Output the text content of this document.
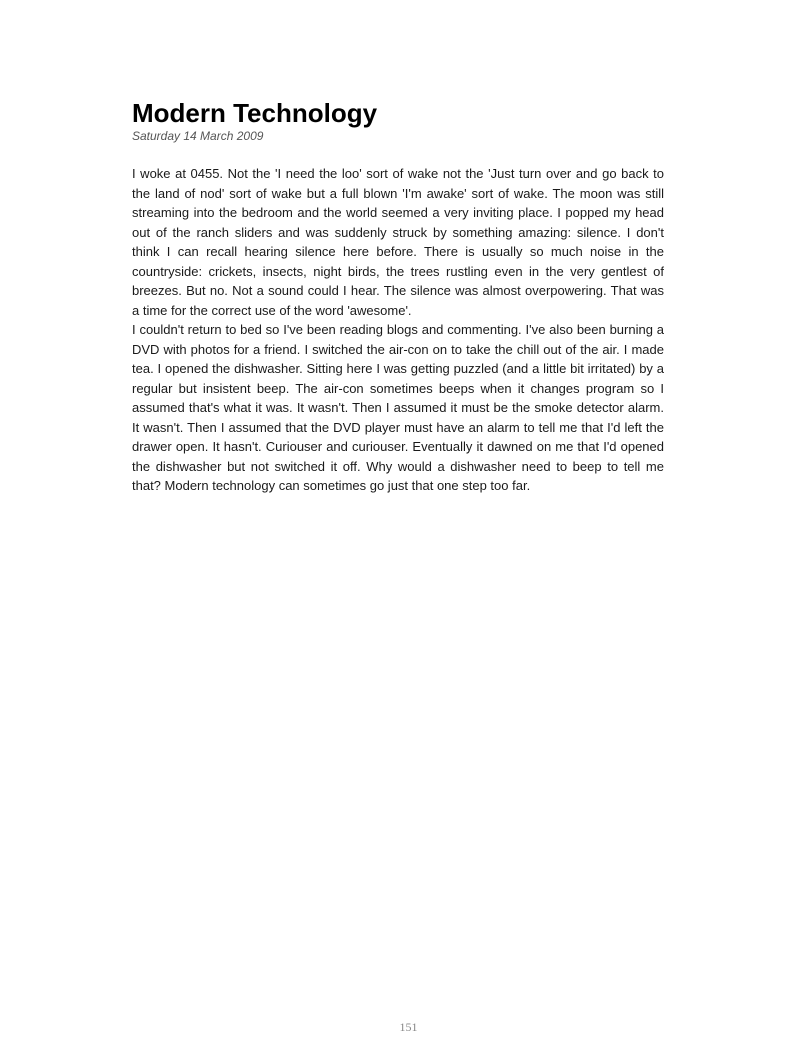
Modern Technology
Saturday 14 March 2009

I woke at 0455. Not the 'I need the loo' sort of wake not the 'Just turn over and go back to the land of nod' sort of wake but a full blown 'I'm awake' sort of wake. The moon was still streaming into the bedroom and the world seemed a very inviting place. I popped my head out of the ranch sliders and was suddenly struck by something amazing: silence. I don't think I can recall hearing silence here before. There is usually so much noise in the countryside: crickets, insects, night birds, the trees rustling even in the very gentlest of breezes. But no. Not a sound could I hear. The silence was almost overpowering. That was a time for the correct use of the word 'awesome'.

I couldn't return to bed so I've been reading blogs and commenting. I've also been burning a DVD with photos for a friend. I switched the air-con on to take the chill out of the air. I made tea. I opened the dishwasher. Sitting here I was getting puzzled (and a little bit irritated) by a regular but insistent beep. The air-con sometimes beeps when it changes program so I assumed that's what it was. It wasn't. Then I assumed it must be the smoke detector alarm. It wasn't. Then I assumed that the DVD player must have an alarm to tell me that I'd left the drawer open. It hasn't. Curiouser and curiouser. Eventually it dawned on me that I'd opened the dishwasher but not switched it off. Why would a dishwasher need to beep to tell me that? Modern technology can sometimes go just that one step too far.

151
